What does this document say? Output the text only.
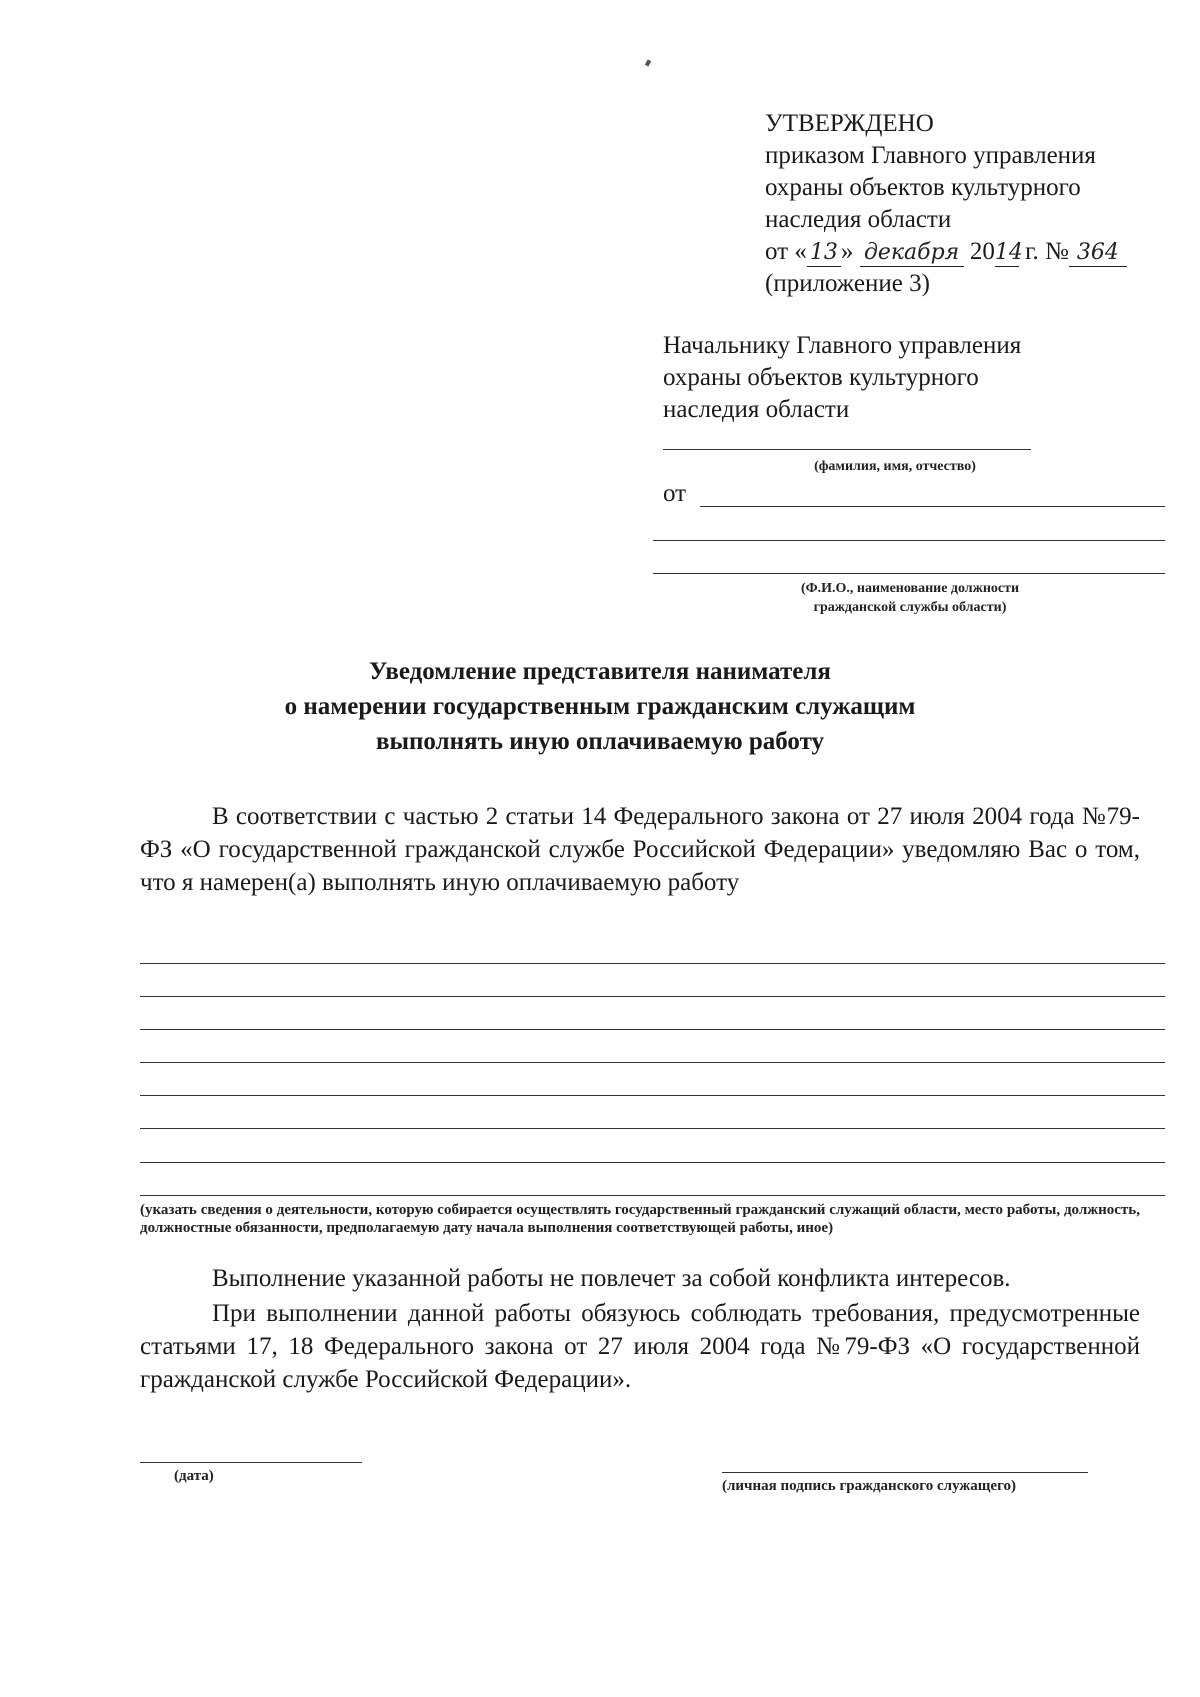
УТВЕРЖДЕНО
приказом Главного управления
охраны объектов культурного
наследия области
от « 13 » декабря 2014 г. № 364
(приложение 3)
Начальнику Главного управления
охраны объектов культурного
наследия области
(фамилия, имя, отчество)
от
(Ф.И.О., наименование должности
гражданской службы области)
Уведомление представителя нанимателя
о намерении государственным гражданским служащим
выполнять иную оплачиваемую работу
В соответствии с частью 2 статьи 14 Федерального закона от 27 июля 2004 года №79-ФЗ «О государственной гражданской службе Российской Федерации» уведомляю Вас о том, что я намерен(а) выполнять иную оплачиваемую работу
(указать сведения о деятельности, которую собирается осуществлять государственный гражданский служащий области, место работы, должность, должностные обязанности, предполагаемую дату начала выполнения соответствующей работы, иное)
Выполнение указанной работы не повлечет за собой конфликта интересов.
При выполнении данной работы обязуюсь соблюдать требования, предусмотренные статьями 17, 18 Федерального закона от 27 июля 2004 года №79-ФЗ «О государственной гражданской службе Российской Федерации».
(дата)
(личная подпись гражданского служащего)
